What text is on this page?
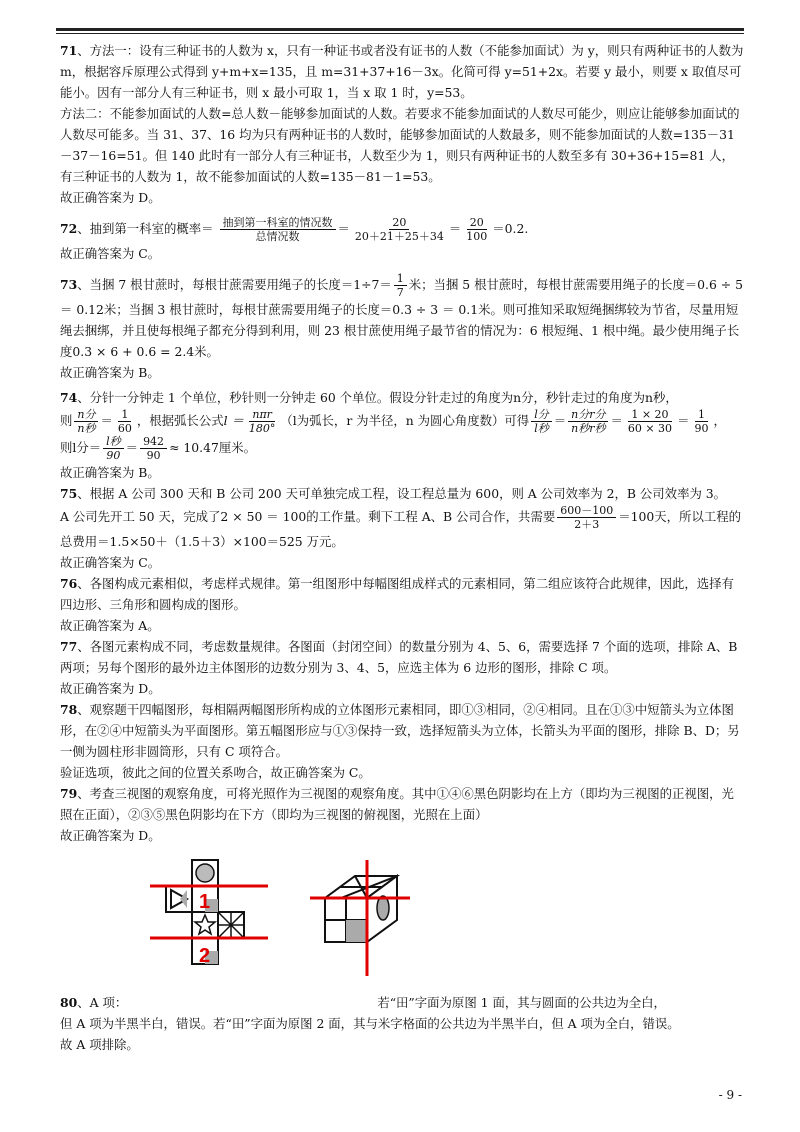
71、方法一：设有三种证书的人数为 x，只有一种证书或者没有证书的人数（不能参加面试）为 y，则只有两种证书的人数为 m，根据容斥原理公式得到 y+m+x=135，且 m=31+37+16－3x。化简可得 y=51+2x。若要 y 最小，则要 x 取值尽可能小。因有一部分人有三种证书，则 x 最小可取 1，当 x 取 1 时，y=53。

方法二：不能参加面试的人数=总人数－能够参加面试的人数。若要求不能参加面试的人数尽可能少，则应让能够参加面试的人数尽可能多。当 31、37、16 均为只有两种证书的人数时，能够参加面试的人数最多，则不能参加面试的人数=135－31－37－16=51。但 140 此时有一部分人有三种证书，人数至少为 1，则只有两种证书的人数至多有 30+36+15=81 人，有三种证书的人数为 1，故不能参加面试的人数=135－81－1=53。

故正确答案为 D。

72、抽到第一科室的概率＝ $\frac{\text{抽到第一科室的情况数}}{\text{总情况数}} = \frac{20}{20+21+25+34} = \frac{20}{100} =0.2$.

故正确答案为 C。

73、当捆 7 根甘蔗时，每根甘蔗需要用绳子的长度$=1\div 7= \frac{1}{7}$ 米；当捆 5 根甘蔗时，每根甘蔗需要用绳子的长度＝0.6 ÷ 5 ＝ 0.12米；当捆 3 根甘蔗时，每根甘蔗需要用绳子的长度＝0.3 ÷ 3 ＝ 0.1米。则可推知采取短绳捆绑较为节省，尽量用短绳去捆绑，并且使每根绳子都充分得到利用，则 23 根甘蔗使用绳子最节省的情况为：6 根短绳、1 根中绳。最少使用绳子长度0.3 × 6 + 0.6 = 2.4米。

故正确答案为 B。

74、分针一分钟走 1 个单位，秒针则一分钟走 60 个单位。假设分针走过的角度为n分，秒针走过的角度为n秒，

则 $\frac{\text{n分}}{\text{n秒}} = \frac{1}{60}$ ，根据弧长公式$l = \frac{\text{nπr}}{180^\circ} (l$为弧长，r 为半径，n 为圆心角度数）可得 $\frac{\text{l分}}{\text{l秒}} = \frac{\text{n分r分}}{\text{n秒r秒}} = \frac{1 \times 20}{60 \times 30} = \frac{1}{90}$ ，

则l分＝ $\frac{\text{l秒}}{90} = \frac{942}{90} \approx 10.47$厘米。

故正确答案为 B。

75、根据 A 公司 300 天和 B 公司 200 天可单独完成工程，设工程总量为 600，则 A 公司效率为 2，B 公司效率为 3。

A 公司先开工 50 天，完成了2 × 50 ＝ 100的工作量。剩下工程 A、B 公司合作，共需要 $\frac{600-100}{2+3} =100$天，所以工程的总费用＝1.5×50＋（1.5＋3）×100＝525 万元。

故正确答案为 C。

76、各图构成元素相似，考虑样式规律。第一组图形中每幅图组成样式的元素相同，第二组应该符合此规律，因此，选择有四边形、三角形和圆构成的图形。

故正确答案为 A。

77、各图元素构成不同，考虑数量规律。各图面（封闭空间）的数量分别为 4、5、6，需要选择 7 个面的选项，排除 A、B 两项；另每个图形的最外边主体图形的边数分别为 3、4、5，应选主体为 6 边形的图形，排除 C 项。

故正确答案为 D。

78、观察题干四幅图形，每相隔两幅图形所构成的立体图形元素相同，即①③相同，②④相同。且在①③中短箭头为立体图形，在②④中短箭头为平面图形。第五幅图形应与①③保持一致，选择短箭头为立体，长箭头为平面的图形，排除 B、D；另一侧为圆柱形非圆筒形，只有 C 项符合。

验证选项，彼此之间的位置关系吻合，故正确答案为 C。

79、考查三视图的观察角度，可将光照作为三视图的观察角度。其中①④⑥黑色阴影均在上方（即均为三视图的正视图，光照在正面），②③⑤黑色阴影均在下方（即均为三视图的俯视图，光照在上面）

故正确答案为 D。

1
2

80、A 项：	若“田”字面为原图 1 面，其与圆面的公共边为全白，

但 A 项为半黑半白，错误。若“田”字面为原图 2 面，其与米字格面的公共边为半黑半白，但 A 项为全白，错误。

故 A 项排除。

- 9 -
